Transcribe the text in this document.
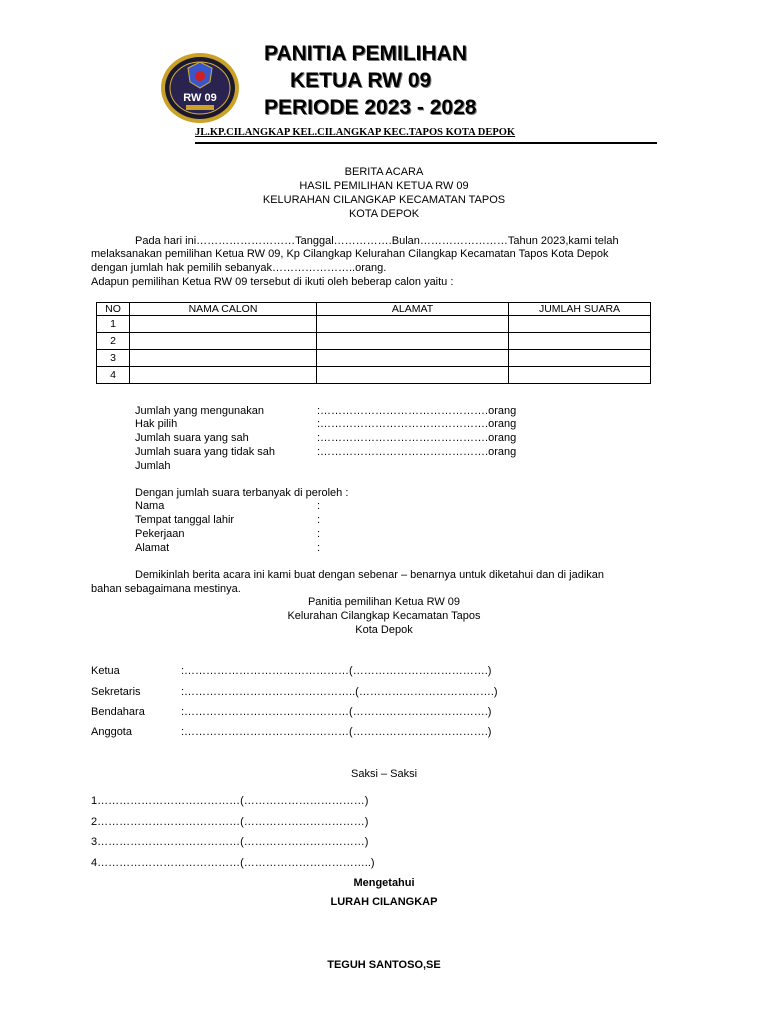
RW 09
PANITIA PEMILIHAN
KETUA RW 09
PERIODE 2023 - 2028
JL.KP.CILANGKAP KEL.CILANGKAP KEC.TAPOS KOTA DEPOK
BERITA ACARA
HASIL PEMILIHAN KETUA RW 09
KELURAHAN CILANGKAP KECAMATAN TAPOS
KOTA DEPOK
Pada hari ini………………………Tanggal…………….Bulan……………………Tahun 2023,kami telah
melaksanakan pemilihan Ketua RW 09, Kp Cilangkap Kelurahan Cilangkap Kecamatan Tapos Kota Depok
dengan jumlah hak pemilih sebanyak…………………..orang.
Adapun pemilihan Ketua RW 09 tersebut di ikuti oleh beberap calon yaitu :
NO	NAMA CALON	ALAMAT	JUMLAH SUARA
1			
2			
3			
4			
Jumlah yang mengunakan	:……………………………………….orang
Hak pilih	:……………………………………….orang
Jumlah suara yang sah	:……………………………………….orang
Jumlah suara yang tidak sah	:……………………………………….orang
Jumlah
Dengan jumlah suara terbanyak di peroleh :
Nama	:
Tempat tanggal lahir	:
Pekerjaan	:
Alamat	:
Demikinlah berita acara ini kami buat dengan sebenar – benarnya untuk diketahui dan di jadikan
bahan sebagaimana mestinya.
Panitia pemilihan Ketua RW 09
Kelurahan Cilangkap Kecamatan Tapos
Kota Depok
Ketua	:………………………………………(……………………………….)
Sekretaris	:………………………………………..(……………………………….)
Bendahara	:………………………………………(……………………………….)
Anggota	:………………………………………(……………………………….)
Saksi – Saksi
1…………………………………(……………………………)
2…………………………………(……………………………)
3…………………………………(……………………………)
4…………………………………(……………………………..)
Mengetahui
LURAH CILANGKAP
TEGUH SANTOSO,SE
